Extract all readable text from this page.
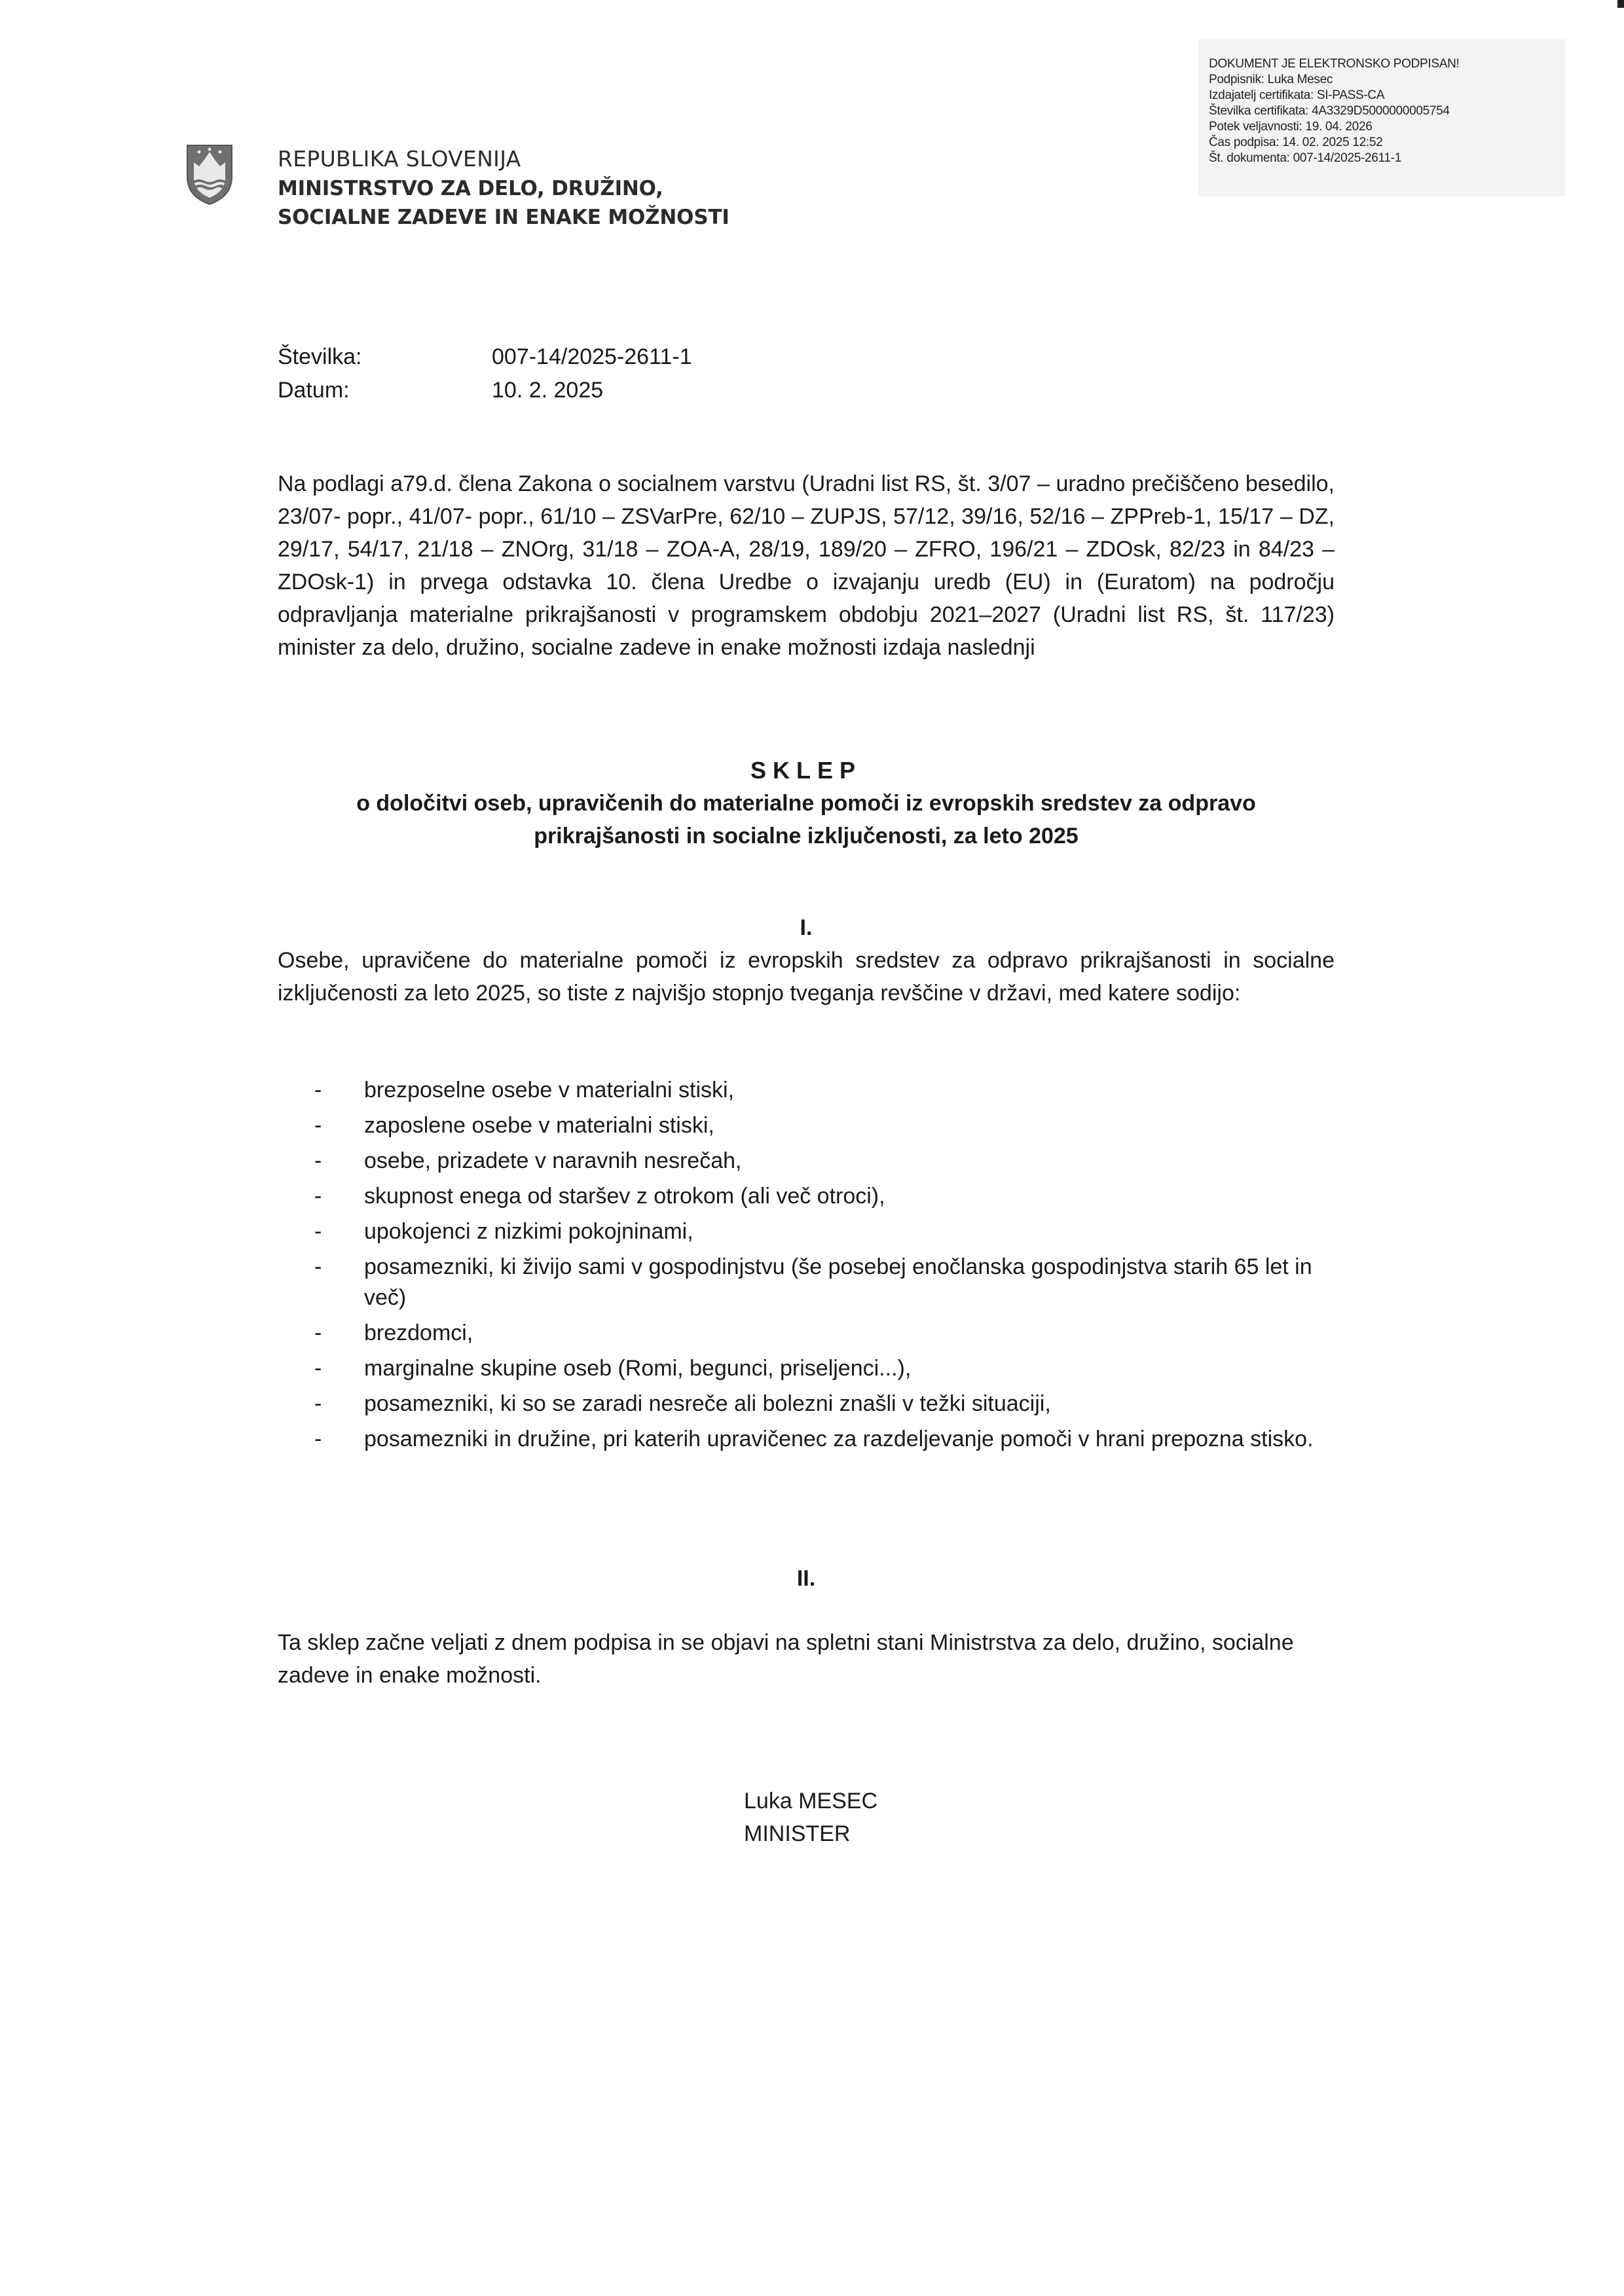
DOKUMENT JE ELEKTRONSKO PODPISAN!
Podpisnik: Luka Mesec
Izdajatelj certifikata: SI-PASS-CA
Številka certifikata: 4A3329D5000000005754
Potek veljavnosti: 19. 04. 2026
Čas podpisa: 14. 02. 2025 12:52
Št. dokumenta: 007-14/2025-2611-1
REPUBLIKA SLOVENIJA
MINISTRSTVO ZA DELO, DRUŽINO,
SOCIALNE ZADEVE IN ENAKE MOŽNOSTI
Številka:	007-14/2025-2611-1
Datum:	10. 2. 2025
Na podlagi a79.d. člena Zakona o socialnem varstvu (Uradni list RS, št. 3/07 – uradno prečiščeno besedilo, 23/07- popr., 41/07- popr., 61/10 – ZSVarPre, 62/10 – ZUPJS, 57/12, 39/16, 52/16 – ZPPreb-1, 15/17 – DZ, 29/17, 54/17, 21/18 – ZNOrg, 31/18 – ZOA-A, 28/19, 189/20 – ZFRO, 196/21 – ZDOsk, 82/23 in 84/23 – ZDOsk-1) in prvega odstavka 10. člena Uredbe o izvajanju uredb (EU) in (Euratom) na področju odpravljanja materialne prikrajšanosti v programskem obdobju 2021–2027 (Uradni list RS, št. 117/23) minister za delo, družino, socialne zadeve in enake možnosti izdaja naslednji
SKLEP
o določitvi oseb, upravičenih do materialne pomoči iz evropskih sredstev za odpravo
prikrajšanosti in socialne izključenosti, za leto 2025
I.
Osebe, upravičene do materialne pomoči iz evropskih sredstev za odpravo prikrajšanosti in socialne izključenosti za leto 2025, so tiste z najvišjo stopnjo tveganja revščine v državi, med katere sodijo:
- brezposelne osebe v materialni stiski,
- zaposlene osebe v materialni stiski,
- osebe, prizadete v naravnih nesrečah,
- skupnost enega od staršev z otrokom (ali več otroci),
- upokojenci z nizkimi pokojninami,
- posamezniki, ki živijo sami v gospodinjstvu (še posebej enočlanska gospodinjstva starih 65 let in več)
- brezdomci,
- marginalne skupine oseb (Romi, begunci, priseljenci...),
- posamezniki, ki so se zaradi nesreče ali bolezni znašli v težki situaciji,
- posamezniki in družine, pri katerih upravičenec za razdeljevanje pomoči v hrani prepozna stisko.
II.
Ta sklep začne veljati z dnem podpisa in se objavi na spletni stani Ministrstva za delo, družino, socialne zadeve in enake možnosti.
Luka MESEC
MINISTER
